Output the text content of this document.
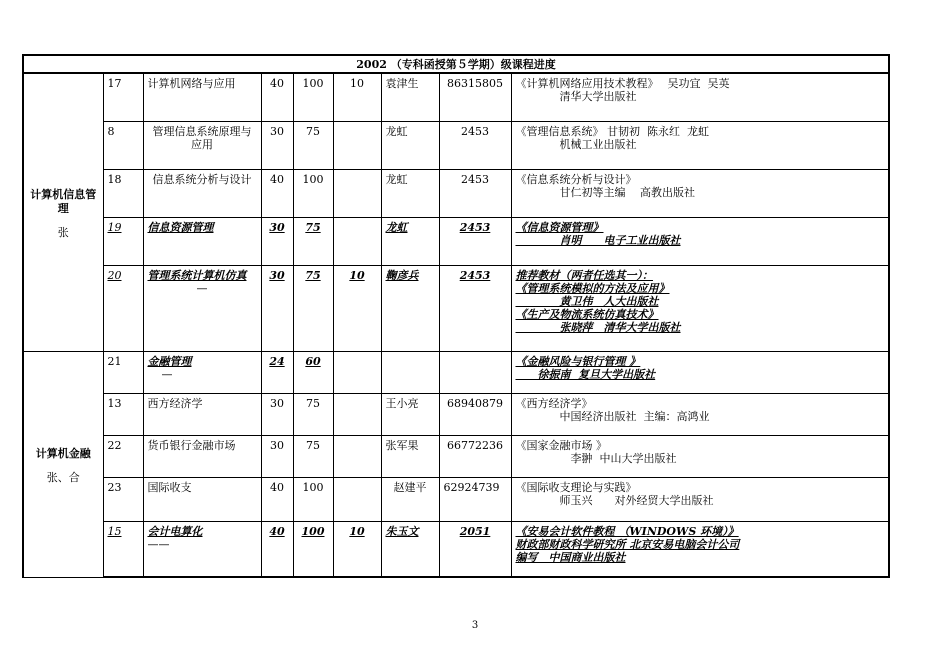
2002 （专科函授第５学期）级课程进度								

计算机信息管理
张	17	计算机网络与应用	40	100	10	袁津生	86315805	《计算机网络应用技术教程》　 吴功宜  吴英
　　　　清华大学出版社

	8	管理信息系统原理与应用	30	75		龙虹	2453	《管理信息系统》 甘韧初  陈永红  龙虹
　　　　机械工业出版社

	18	信息系统分析与设计	40	100		龙虹	2453	《信息系统分析与设计》
　　　　甘仁初等主编　 高教出版社

	19	信息资源管理	30	75		龙虹	2453	《信息资源管理》
　　　　肖明　　电子工业出版社

	20	管理系统计算机仿真
—	30	75	10	鞠彦兵	2453	推荐教材（两者任选其一）：
《管理系统模拟的方法及应用》
　　　　黄卫伟　人大出版社
《生产及物流系统仿真技术》
　　　　张晓萍　清华大学出版社

计算机金融
张、合	21	金融管理
—	24	60				《金融风险与银行管理 》
　　徐振南  复旦大学出版社

	13	西方经济学	30	75		王小亮	68940879	《西方经济学》
　　　　中国经济出版社  主编：高鸿业

	22	货币银行金融市场	30	75		张军果	66772236	《国家金融市场 》
　　　　　李翀  中山大学出版社

	23	国际收支	40	100		赵建平	62924739	《国际收支理论与实践》
　　　　师玉兴　　对外经贸大学出版社

	15	会计电算化
——	40	100	10	朱玉文	2051	《安易会计软件教程 （WINDOWS 环境）》
财政部财政科学研究所 北京安易电脑会计公司
编写　中国商业出版社
3
